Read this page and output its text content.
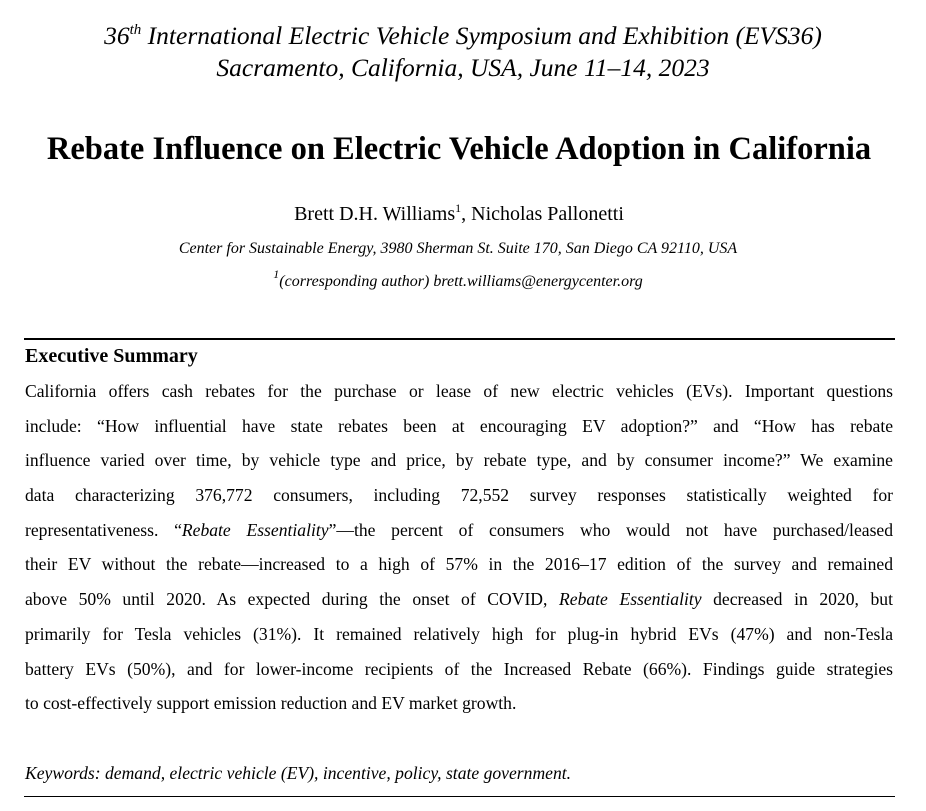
36th International Electric Vehicle Symposium and Exhibition (EVS36)
Sacramento, California, USA, June 11–14, 2023
Rebate Influence on Electric Vehicle Adoption in California
Brett D.H. Williams$^1$, Nicholas Pallonetti
Center for Sustainable Energy, 3980 Sherman St. Suite 170, San Diego CA 92110, USA
$^1$(corresponding author) brett.williams@energycenter.org
Executive Summary
California offers cash rebates for the purchase or lease of new electric vehicles (EVs). Important questions
include: “How influential have state rebates been at encouraging EV adoption?” and “How has rebate
influence varied over time, by vehicle type and price, by rebate type, and by consumer income?” We examine
data characterizing 376,772 consumers, including 72,552 survey responses statistically weighted for
representativeness. “Rebate Essentiality”—the percent of consumers who would not have purchased/leased
their EV without the rebate—increased to a high of 57% in the 2016–17 edition of the survey and remained
above 50% until 2020. As expected during the onset of COVID, Rebate Essentiality decreased in 2020, but
primarily for Tesla vehicles (31%). It remained relatively high for plug-in hybrid EVs (47%) and non-Tesla
battery EVs (50%), and for lower-income recipients of the Increased Rebate (66%). Findings guide strategies
to cost-effectively support emission reduction and EV market growth.
Keywords: demand, electric vehicle (EV), incentive, policy, state government.
